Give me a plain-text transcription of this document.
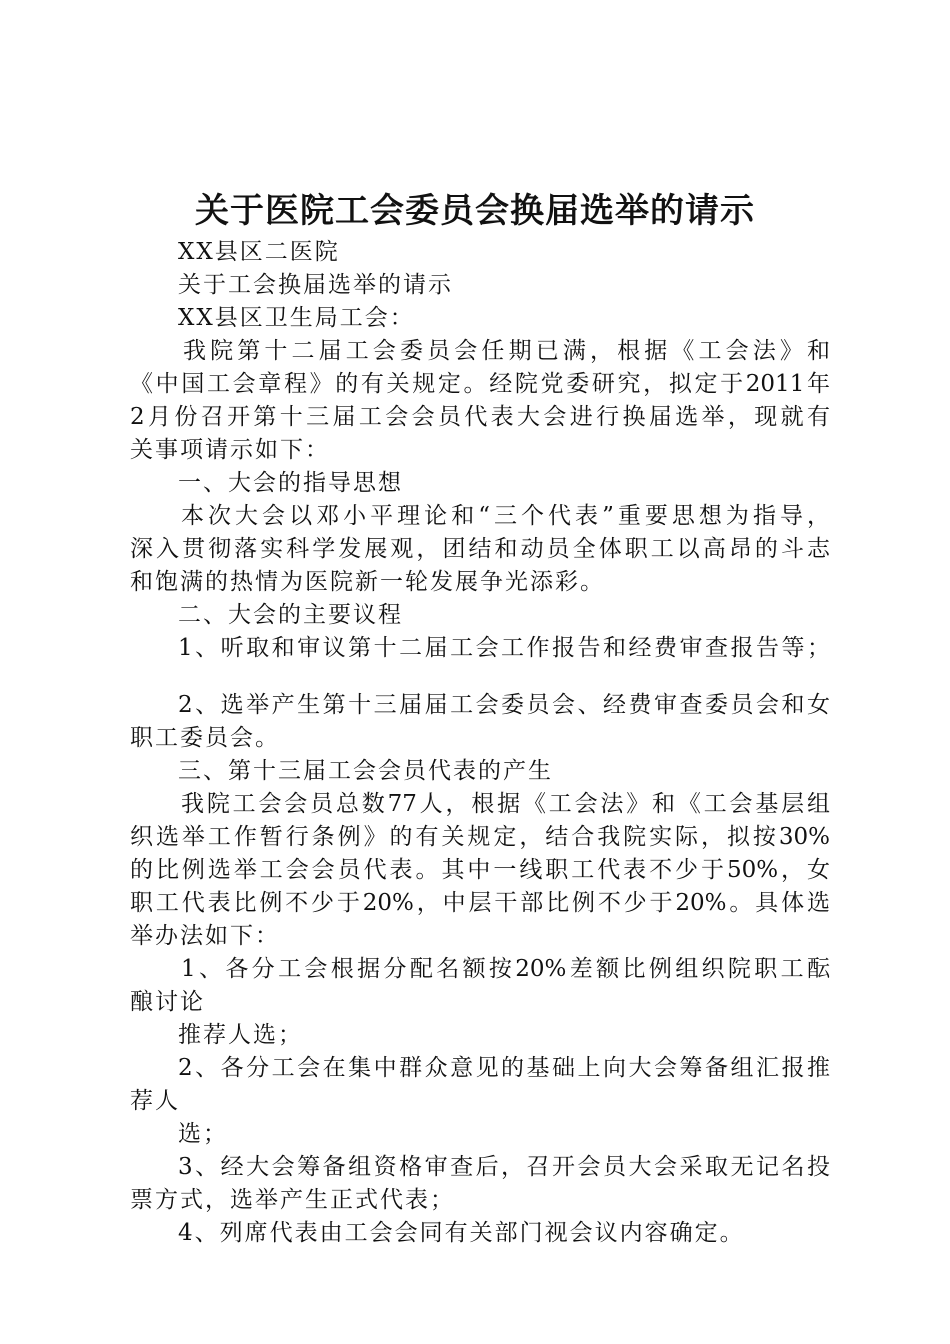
关于医院工会委员会换届选举的请示
XX县区二医院
关于工会换届选举的请示
XX县区卫生局工会：
我院第十二届工会委员会任期已满，根据《工会法》和
《中国工会章程》的有关规定。经院党委研究，拟定于2011年
2月份召开第十三届工会会员代表大会进行换届选举，现就有
关事项请示如下：
一、大会的指导思想
本次大会以邓小平理论和“三个代表”重要思想为指导，
深入贯彻落实科学发展观，团结和动员全体职工以高昂的斗志
和饱满的热情为医院新一轮发展争光添彩。
二、大会的主要议程
1、听取和审议第十二届工会工作报告和经费审查报告等；
2、选举产生第十三届届工会委员会、经费审查委员会和女
职工委员会。
三、第十三届工会会员代表的产生
我院工会会员总数77人，根据《工会法》和《工会基层组
织选举工作暂行条例》的有关规定，结合我院实际，拟按30%
的比例选举工会会员代表。其中一线职工代表不少于50%，女
职工代表比例不少于20%，中层干部比例不少于20%。具体选
举办法如下：
1、各分工会根据分配名额按20%差额比例组织院职工酝
酿讨论
推荐人选；
2、各分工会在集中群众意见的基础上向大会筹备组汇报推
荐人
选；
3、经大会筹备组资格审查后，召开会员大会采取无记名投
票方式，选举产生正式代表；
4、列席代表由工会会同有关部门视会议内容确定。
